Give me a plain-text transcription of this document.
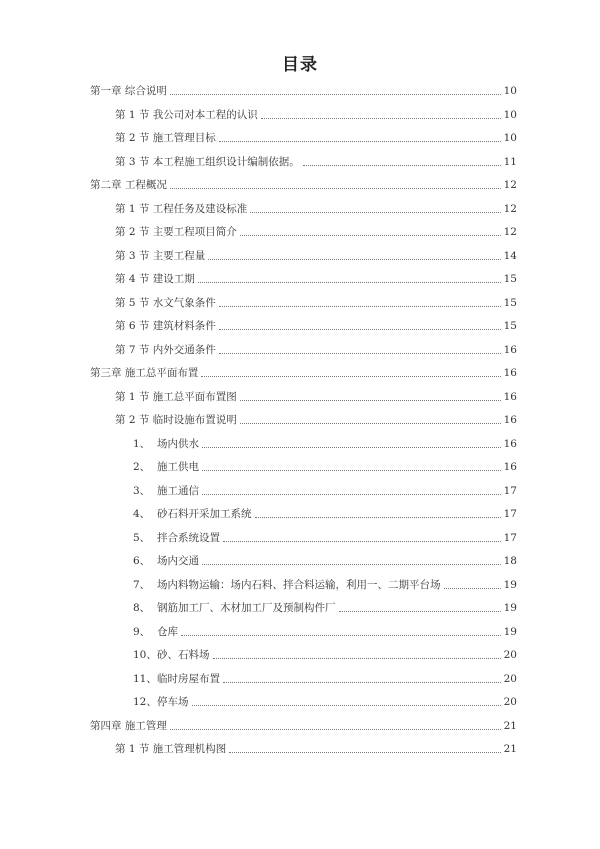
目录
第一章 综合说明	10
第 1 节 我公司对本工程的认识	10
第 2 节 施工管理目标	10
第 3 节 本工程施工组织设计编制依据。	11
第二章 工程概况	12
第 1 节 工程任务及建设标准	12
第 2 节 主要工程项目简介	12
第 3 节 主要工程量	14
第 4 节 建设工期	15
第 5 节 水文气象条件	15
第 6 节 建筑材料条件	15
第 7 节 内外交通条件	16
第三章 施工总平面布置	16
第 1 节 施工总平面布置图	16
第 2 节 临时设施布置说明	16
1、 场内供水	16
2、 施工供电	16
3、 施工通信	17
4、 砂石料开采加工系统	17
5、 拌合系统设置	17
6、 场内交通	18
7、 场内料物运输：场内石料、拌合料运输，利用一、二期平台场	19
8、 钢筋加工厂、木材加工厂及预制构件厂	19
9、 仓库	19
10、砂、石料场	20
11、临时房屋布置	20
12、停车场	20
第四章 施工管理	21
第 1 节 施工管理机构图	21
